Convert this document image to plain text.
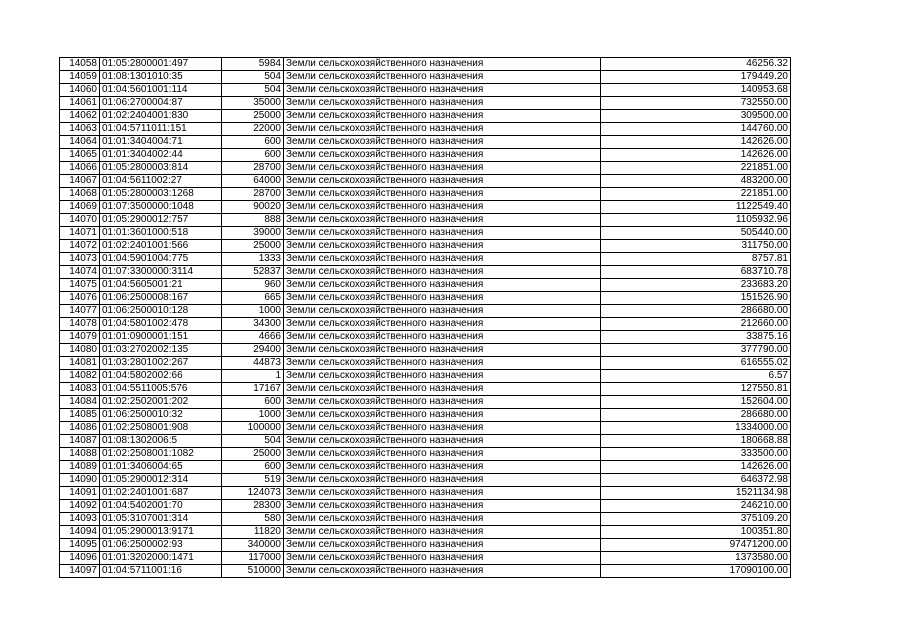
14058	01:05:2800001:497	5984	Земли сельскохозяйственного назначения	46256.32
14059	01:08:1301010:35	504	Земли сельскохозяйственного назначения	179449.20
14060	01:04:5601001:114	504	Земли сельскохозяйственного назначения	140953.68
14061	01:06:2700004:87	35000	Земли сельскохозяйственного назначения	732550.00
14062	01:02:2404001:830	25000	Земли сельскохозяйственного назначения	309500.00
14063	01:04:5711011:151	22000	Земли сельскохозяйственного назначения	144760.00
14064	01:01:3404004:71	600	Земли сельскохозяйственного назначения	142626.00
14065	01:01:3404002:44	600	Земли сельскохозяйственного назначения	142626.00
14066	01:05:2800003:814	28700	Земли сельскохозяйственного назначения	221851.00
14067	01:04:5611002:27	64000	Земли сельскохозяйственного назначения	483200.00
14068	01:05:2800003:1268	28700	Земли сельскохозяйственного назначения	221851.00
14069	01:07:3500000:1048	90020	Земли сельскохозяйственного назначения	1122549.40
14070	01:05:2900012:757	888	Земли сельскохозяйственного назначения	1105932.96
14071	01:01:3601000:518	39000	Земли сельскохозяйственного назначения	505440.00
14072	01:02:2401001:566	25000	Земли сельскохозяйственного назначения	311750.00
14073	01:04:5901004:775	1333	Земли сельскохозяйственного назначения	8757.81
14074	01:07:3300000:3114	52837	Земли сельскохозяйственного назначения	683710.78
14075	01:04:5605001:21	960	Земли сельскохозяйственного назначения	233683.20
14076	01:06:2500008:167	665	Земли сельскохозяйственного назначения	151526.90
14077	01:06:2500010:128	1000	Земли сельскохозяйственного назначения	286680.00
14078	01:04:5801002:478	34300	Земли сельскохозяйственного назначения	212660.00
14079	01:01:0900001:151	4666	Земли сельскохозяйственного назначения	33875.16
14080	01:03:2702002:135	29400	Земли сельскохозяйственного назначения	377790.00
14081	01:03:2801002:267	44873	Земли сельскохозяйственного назначения	616555.02
14082	01:04:5802002:66	1	Земли сельскохозяйственного назначения	6.57
14083	01:04:5511005:576	17167	Земли сельскохозяйственного назначения	127550.81
14084	01:02:2502001:202	600	Земли сельскохозяйственного назначения	152604.00
14085	01:06:2500010:32	1000	Земли сельскохозяйственного назначения	286680.00
14086	01:02:2508001:908	100000	Земли сельскохозяйственного назначения	1334000.00
14087	01:08:1302006:5	504	Земли сельскохозяйственного назначения	180668.88
14088	01:02:2508001:1082	25000	Земли сельскохозяйственного назначения	333500.00
14089	01:01:3406004:65	600	Земли сельскохозяйственного назначения	142626.00
14090	01:05:2900012:314	519	Земли сельскохозяйственного назначения	646372.98
14091	01:02:2401001:687	124073	Земли сельскохозяйственного назначения	1521134.98
14092	01:04:5402001:70	28300	Земли сельскохозяйственного назначения	246210.00
14093	01:05:3107001:314	580	Земли сельскохозяйственного назначения	375109.20
14094	01:05:2900013:9171	11820	Земли сельскохозяйственного назначения	100351.80
14095	01:06:2500002:93	340000	Земли сельскохозяйственного назначения	97471200.00
14096	01:01:3202000:1471	117000	Земли сельскохозяйственного назначения	1373580.00
14097	01:04:5711001:16	510000	Земли сельскохозяйственного назначения	17090100.00
